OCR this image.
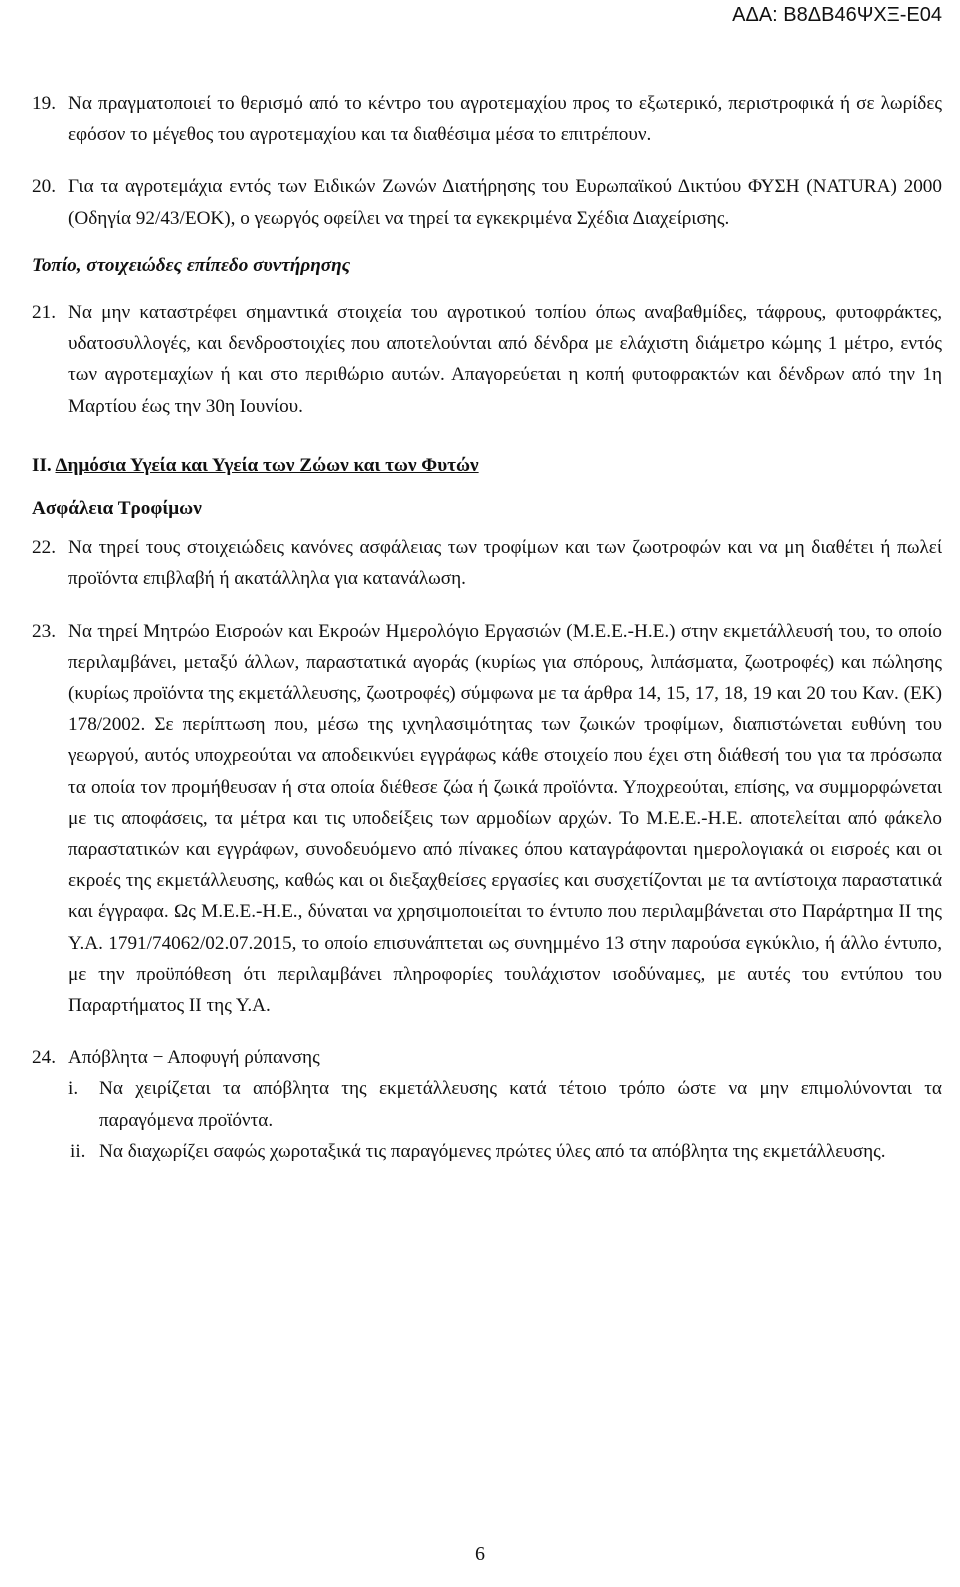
ΑΔΑ: Β8ΔΒ46ΨΧΞ-Ε04
19. Να πραγματοποιεί το θερισμό από το κέντρο του αγροτεμαχίου προς το εξωτερικό, περιστροφικά ή σε λωρίδες εφόσον το μέγεθος του αγροτεμαχίου και τα διαθέσιμα μέσα το επιτρέπουν.
20. Για τα αγροτεμάχια εντός των Ειδικών Ζωνών Διατήρησης του Ευρωπαϊκού Δικτύου ΦΥΣΗ (NATURA) 2000 (Οδηγία 92/43/ΕΟΚ), ο γεωργός οφείλει να τηρεί τα εγκεκριμένα Σχέδια Διαχείρισης.
Τοπίο, στοιχειώδες επίπεδο συντήρησης
21. Να μην καταστρέφει σημαντικά στοιχεία του αγροτικού τοπίου όπως αναβαθμίδες, τάφρους, φυτοφράκτες, υδατοσυλλογές, και δενδροστοιχίες που αποτελούνται από δένδρα με ελάχιστη διάμετρο κώμης 1 μέτρο, εντός των αγροτεμαχίων ή και στο περιθώριο αυτών. Απαγορεύεται η κοπή φυτοφρακτών και δένδρων από την 1η Μαρτίου έως την 30η Ιουνίου.
ΙΙ. Δημόσια Υγεία και Υγεία των Ζώων και των Φυτών
Ασφάλεια Τροφίμων
22. Να τηρεί τους στοιχειώδεις κανόνες ασφάλειας των τροφίμων και των ζωοτροφών και να μη διαθέτει ή πωλεί προϊόντα επιβλαβή ή ακατάλληλα για κατανάλωση.
23. Να τηρεί Μητρώο Εισροών και Εκροών Ημερολόγιο Εργασιών (Μ.Ε.Ε.-Η.Ε.) στην εκμετάλλευσή του, το οποίο περιλαμβάνει, μεταξύ άλλων, παραστατικά αγοράς (κυρίως για σπόρους, λιπάσματα, ζωοτροφές) και πώλησης (κυρίως προϊόντα της εκμετάλλευσης, ζωοτροφές) σύμφωνα με τα άρθρα 14, 15, 17, 18, 19 και 20 του Καν. (ΕΚ) 178/2002. Σε περίπτωση που, μέσω της ιχνηλασιμότητας των ζωικών τροφίμων, διαπιστώνεται ευθύνη του γεωργού, αυτός υποχρεούται να αποδεικνύει εγγράφως κάθε στοιχείο που έχει στη διάθεσή του για τα πρόσωπα τα οποία τον προμήθευσαν ή στα οποία διέθεσε ζώα ή ζωικά προϊόντα. Υποχρεούται, επίσης, να συμμορφώνεται με τις αποφάσεις, τα μέτρα και τις υποδείξεις των αρμοδίων αρχών. Το Μ.Ε.Ε.-Η.Ε. αποτελείται από φάκελο παραστατικών και εγγράφων, συνοδευόμενο από πίνακες όπου καταγράφονται ημερολογιακά οι εισροές και οι εκροές της εκμετάλλευσης, καθώς και οι διεξαχθείσες εργασίες και συσχετίζονται με τα αντίστοιχα παραστατικά και έγγραφα. Ως Μ.Ε.Ε.-Η.Ε., δύναται να χρησιμοποιείται το έντυπο που περιλαμβάνεται στο Παράρτημα ΙΙ της Υ.Α. 1791/74062/02.07.2015, το οποίο επισυνάπτεται ως συνημμένο 13 στην παρούσα εγκύκλιο, ή άλλο έντυπο, με την προϋπόθεση ότι περιλαμβάνει πληροφορίες τουλάχιστον ισοδύναμες, με αυτές του εντύπου του Παραρτήματος ΙΙ της Υ.Α.
24. Απόβλητα − Αποφυγή ρύπανσης
i. Να χειρίζεται τα απόβλητα της εκμετάλλευσης κατά τέτοιο τρόπο ώστε να μην επιμολύνονται τα παραγόμενα προϊόντα.
ii. Να διαχωρίζει σαφώς χωροταξικά τις παραγόμενες πρώτες ύλες από τα απόβλητα της εκμετάλλευσης.
6
